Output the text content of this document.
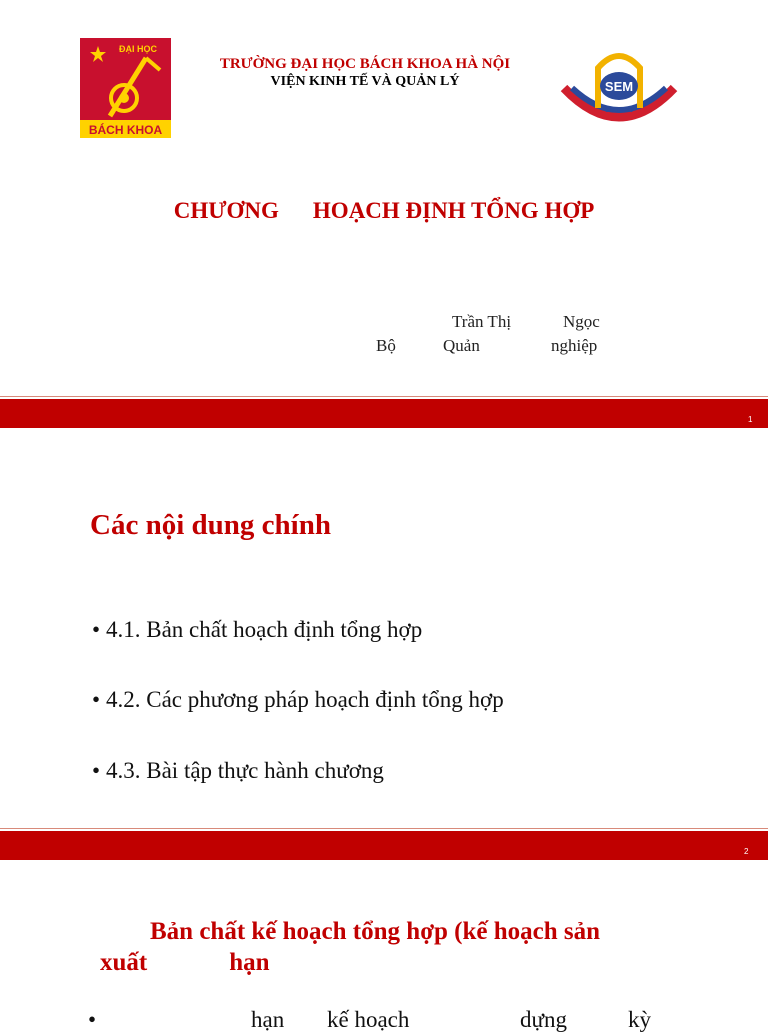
ĐẠI HỌC
BÁCH KHOA
TRƯỜNG ĐẠI HỌC BÁCH KHOA HÀ NỘI
VIỆN KINH TẾ VÀ QUẢN LÝ	SEM
SINCE 1961
CHƯƠNG HOẠCH ĐỊNH TỔNG HỢP
Trần Thị	Ngọc
Bộ	Quản	nghiệp
1
Các nội dung chính
• 4.1. Bản chất hoạch định tổng hợp
• 4.2. Các phương pháp hoạch định tổng hợp
• 4.3. Bài tập thực hành chương
2
Bản chất kế hoạch tổng hợp (kế hoạch sản
xuất	hạn
•	hạn kế hoạch	dựng	kỳ
